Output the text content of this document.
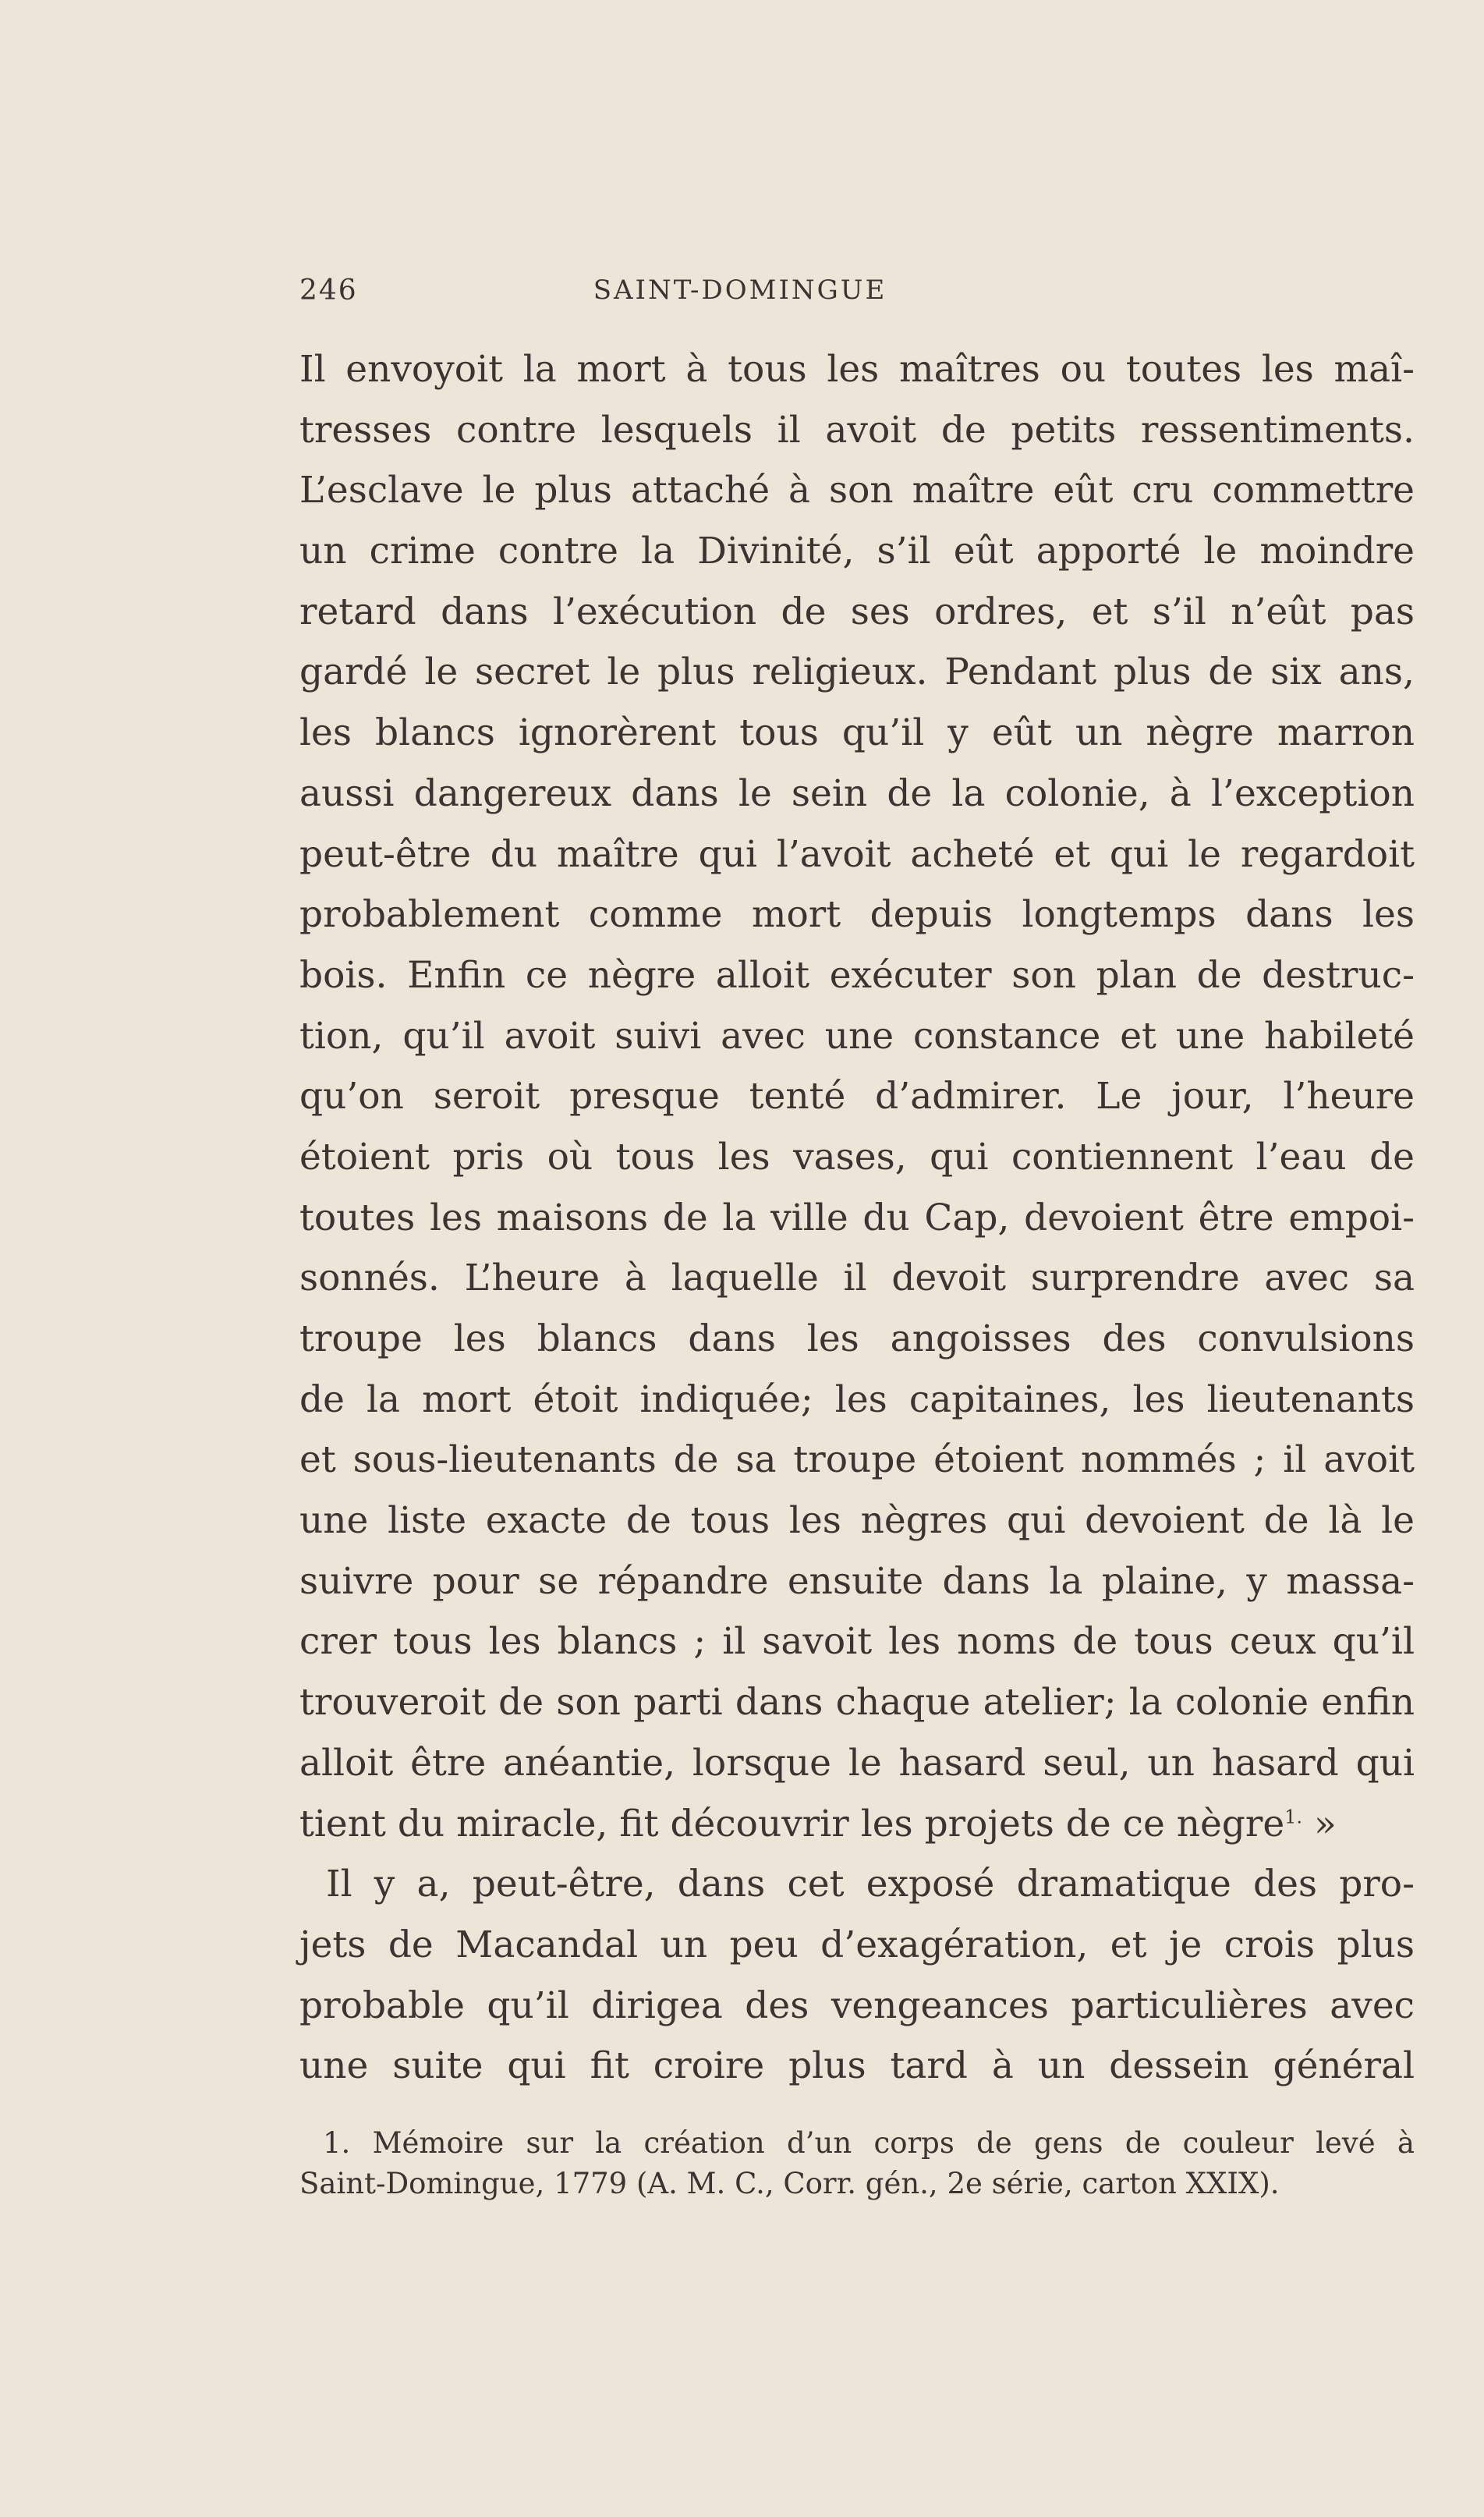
246	SAINT-DOMINGUE
Il envoyoit la mort à tous les maîtres ou toutes les maî-
tresses contre lesquels il avoit de petits ressentiments.
L’esclave le plus attaché à son maître eût cru commettre
un crime contre la Divinité, s’il eût apporté le moindre
retard dans l’exécution de ses ordres, et s’il n’eût pas
gardé le secret le plus religieux. Pendant plus de six ans,
les blancs ignorèrent tous qu’il y eût un nègre marron
aussi dangereux dans le sein de la colonie, à l’exception
peut-être du maître qui l’avoit acheté et qui le regardoit
probablement comme mort depuis longtemps dans les
bois. Enfin ce nègre alloit exécuter son plan de destruc-
tion, qu’il avoit suivi avec une constance et une habileté
qu’on seroit presque tenté d’admirer. Le jour, l’heure
étoient pris où tous les vases, qui contiennent l’eau de
toutes les maisons de la ville du Cap, devoient être empoi-
sonnés. L’heure à laquelle il devoit surprendre avec sa
troupe les blancs dans les angoisses des convulsions
de la mort étoit indiquée; les capitaines, les lieutenants
et sous-lieutenants de sa troupe étoient nommés ; il avoit
une liste exacte de tous les nègres qui devoient de là le
suivre pour se répandre ensuite dans la plaine, y massa-
crer tous les blancs ; il savoit les noms de tous ceux qu’il
trouveroit de son parti dans chaque atelier; la colonie enfin
alloit être anéantie, lorsque le hasard seul, un hasard qui
tient du miracle, fit découvrir les projets de ce nègre$^{1.}$ »
Il y a, peut-être, dans cet exposé dramatique des pro-
jets de Macandal un peu d’exagération, et je crois plus
probable qu’il dirigea des vengeances particulières avec
une suite qui fit croire plus tard à un dessein général
1. Mémoire sur la création d’un corps de gens de couleur levé à
Saint-Domingue, 1779 (A. M. C., Corr. gén., 2e série, carton XXIX).
